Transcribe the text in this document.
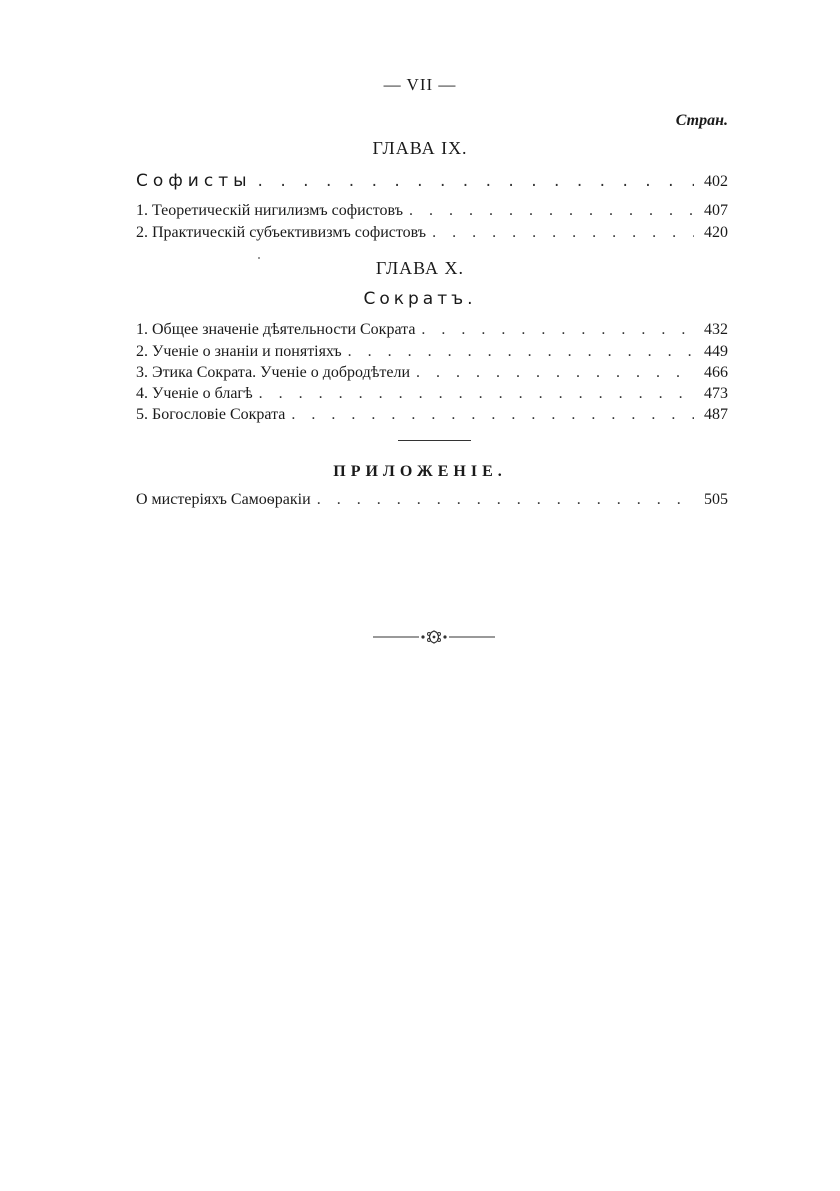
— VII —
Стран.
ГЛАВА IX.
Софисты . . .	402
1. Теоретическій нигилизмъ софистовъ . . .	407
2. Практическій субъективизмъ софистовъ . . .	420
ГЛАВА X.
Сократъ.
1. Общее значеніе дѣятельности Сократа . . .	432
2. Ученіе о знаніи и понятіяхъ . . .	449
3. Этика Сократа. Ученіе о добродѣтели . . .	466
4. Ученіе о благѣ . . .	473
5. Богословіе Сократа . . .	487
ПРИЛОЖЕНІЕ.
О мистеріяхъ Самоѳракіи . . .	505
